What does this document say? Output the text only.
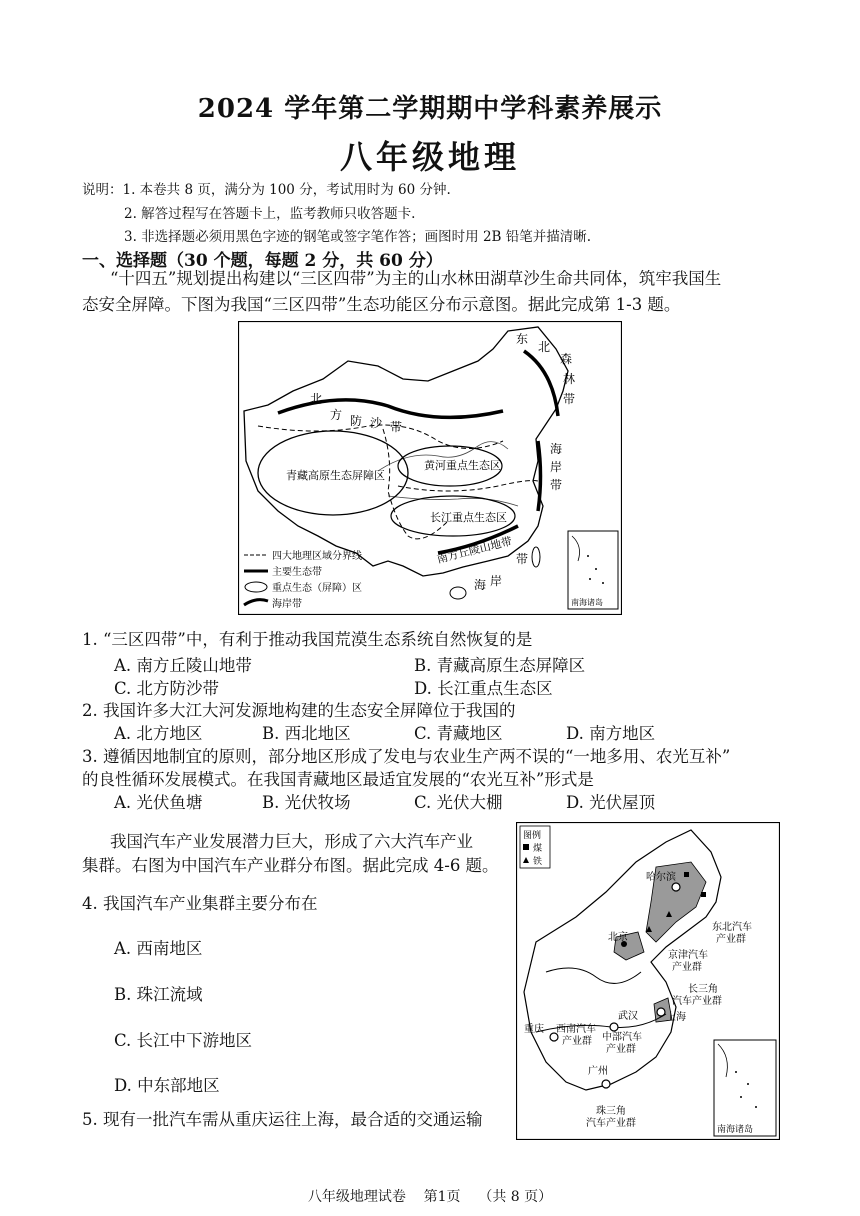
2024 学年第二学期期中学科素养展示
八年级地理
说明：1. 本卷共 8 页，满分为 100 分，考试用时为 60 分钟.
2. 解答过程写在答题卡上，监考教师只收答题卡.
3. 非选择题必须用黑色字迹的钢笔或签字笔作答；画图时用 2B 铅笔并描清晰.
一、选择题（30 个题，每题 2 分，共 60 分）
“十四五”规划提出构建以“三区四带”为主的山水林田湖草沙生命共同体，筑牢我国生
态安全屏障。下图为我国“三区四带”生态功能区分布示意图。据此完成第 1-3 题。
东
北
森
林
带
北
方 防 沙 带
海
岸
带
南方丘陵山地带 带
海 岸
青藏高原生态屏障区
黄河重点生态区
长江重点生态区
四大地理区域分界线
主要生态带
重点生态（屏障）区
海岸带	南海诸岛
1. “三区四带”中，有利于推动我国荒漠生态系统自然恢复的是
A. 南方丘陵山地带	B. 青藏高原生态屏障区
C. 北方防沙带	D. 长江重点生态区
2. 我国许多大江大河发源地构建的生态安全屏障位于我国的
A. 北方地区	B. 西北地区	C. 青藏地区	D. 南方地区
3. 遵循因地制宜的原则，部分地区形成了发电与农业生产两不误的“一地多用、农光互补”
的良性循环发展模式。在我国青藏地区最适宜发展的“农光互补”形式是
A. 光伏鱼塘	B. 光伏牧场	C. 光伏大棚	D. 光伏屋顶
我国汽车产业发展潜力巨大，形成了六大汽车产业
集群。右图为中国汽车产业群分布图。据此完成 4-6 题。
4. 我国汽车产业集群主要分布在
A. 西南地区
B. 珠江流域
C. 长江中下游地区
D. 中东部地区
5. 现有一批汽车需从重庆运往上海，最合适的交通运输
图例
煤
铁
哈尔滨
北京
武汉
重庆
上海
广州
东北汽车
产业群
京津汽车
产业群
长三角
汽车产业群
西南汽车
产业群 中部汽车
产业群
珠三角
汽车产业群
南海诸岛
八年级地理试卷    第1页    （共 8 页）
